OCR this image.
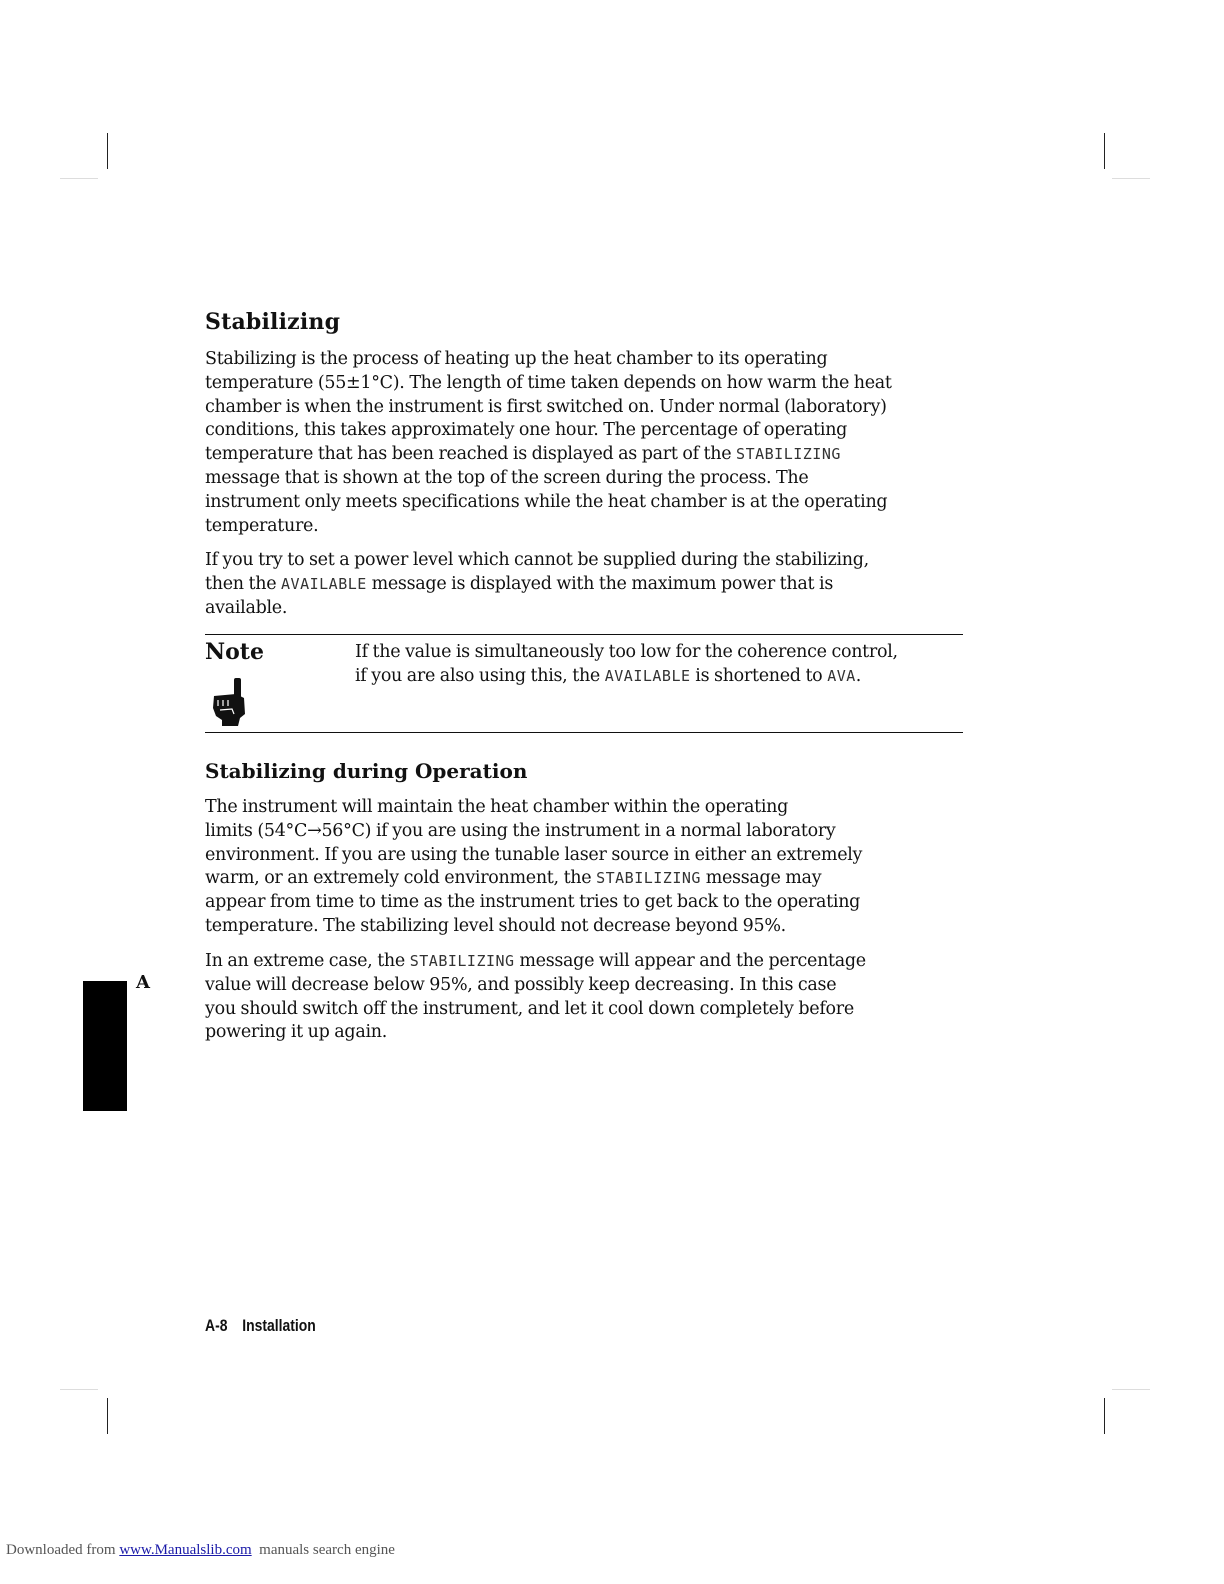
Stabilizing

Stabilizing is the process of heating up the heat chamber to its operating
temperature (55±1°C). The length of time taken depends on how warm the heat
chamber is when the instrument is first switched on. Under normal (laboratory)
conditions, this takes approximately one hour. The percentage of operating
temperature that has been reached is displayed as part of the STABILIZING
message that is shown at the top of the screen during the process. The
instrument only meets specifications while the heat chamber is at the operating
temperature.

If you try to set a power level which cannot be supplied during the stabilizing,
then the AVAILABLE message is displayed with the maximum power that is
available.

Note	If the value is simultaneously too low for the coherence control,
if you are also using this, the AVAILABLE is shortened to AVA.
Stabilizing during Operation

The instrument will maintain the heat chamber within the operating
limits (54°C→56°C) if you are using the instrument in a normal laboratory
environment. If you are using the tunable laser source in either an extremely
warm, or an extremely cold environment, the STABILIZING message may
appear from time to time as the instrument tries to get back to the operating
temperature. The stabilizing level should not decrease beyond 95%.

In an extreme case, the STABILIZING message will appear and the percentage
value will decrease below 95%, and possibly keep decreasing. In this case
you should switch off the instrument, and let it cool down completely before
powering it up again.

A
A-8 Installation
Downloaded from www.Manualslib.com  manuals search engine
